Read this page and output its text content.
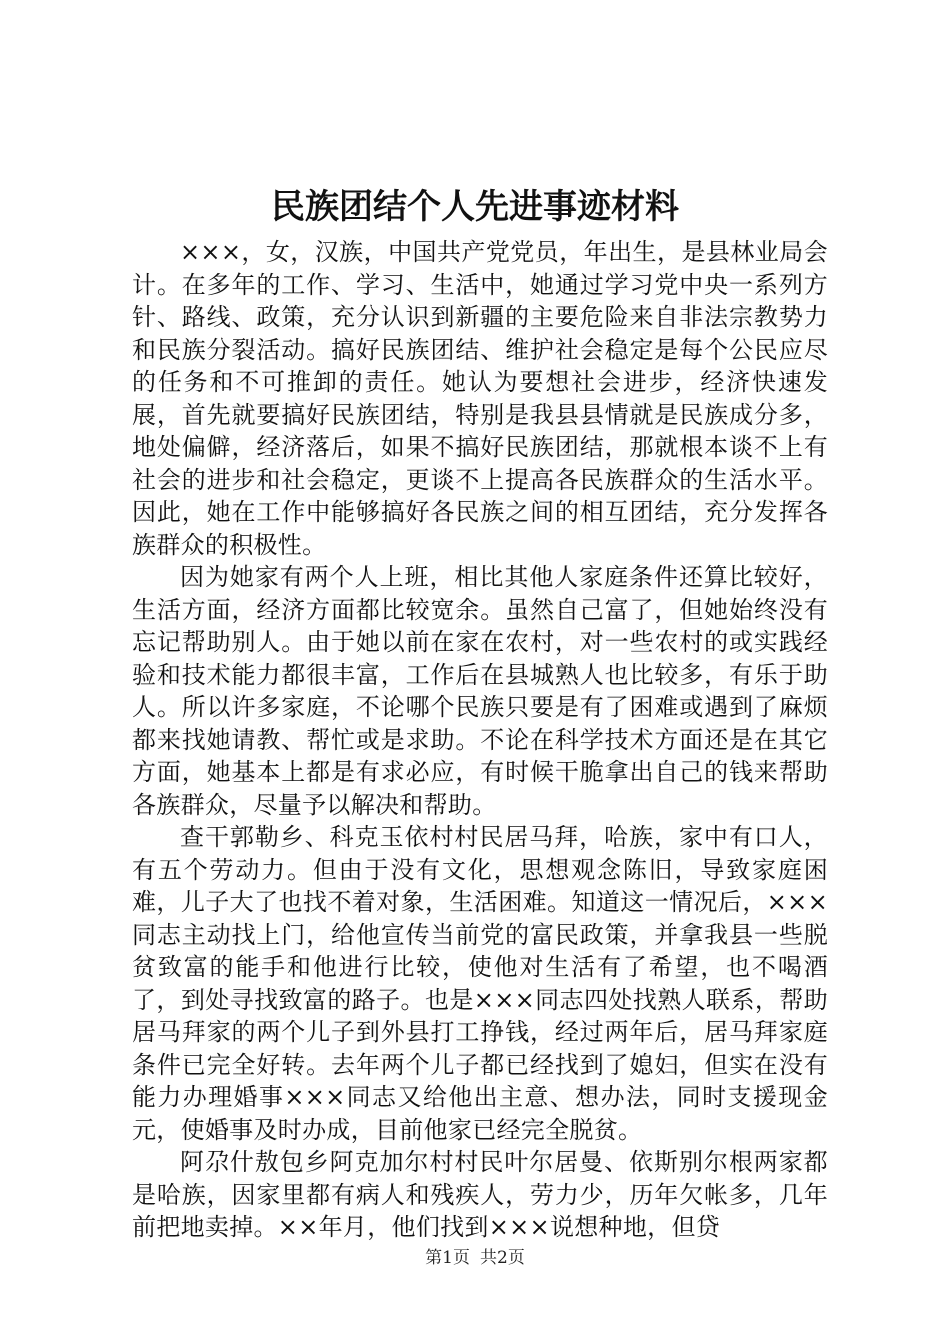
民族团结个人先进事迹材料

×××，女，汉族，中国共产党党员，年出生，是县林业局会计。在多年的工作、学习、生活中，她通过学习党中央一系列方针、路线、政策，充分认识到新疆的主要危险来自非法宗教势力和民族分裂活动。搞好民族团结、维护社会稳定是每个公民应尽的任务和不可推卸的责任。她认为要想社会进步，经济快速发展，首先就要搞好民族团结，特别是我县县情就是民族成分多，地处偏僻，经济落后，如果不搞好民族团结，那就根本谈不上有社会的进步和社会稳定，更谈不上提高各民族群众的生活水平。因此，她在工作中能够搞好各民族之间的相互团结，充分发挥各族群众的积极性。

因为她家有两个人上班，相比其他人家庭条件还算比较好，生活方面，经济方面都比较宽余。虽然自己富了，但她始终没有忘记帮助别人。由于她以前在家在农村，对一些农村的或实践经验和技术能力都很丰富，工作后在县城熟人也比较多，有乐于助人。所以许多家庭，不论哪个民族只要是有了困难或遇到了麻烦都来找她请教、帮忙或是求助。不论在科学技术方面还是在其它方面，她基本上都是有求必应，有时候干脆拿出自己的钱来帮助各族群众，尽量予以解决和帮助。

查干郭勒乡、科克玉依村村民居马拜，哈族，家中有口人，有五个劳动力。但由于没有文化，思想观念陈旧，导致家庭困难，儿子大了也找不着对象，生活困难。知道这一情况后，×××同志主动找上门，给他宣传当前党的富民政策，并拿我县一些脱贫致富的能手和他进行比较，使他对生活有了希望，也不喝酒了，到处寻找致富的路子。也是×××同志四处找熟人联系，帮助居马拜家的两个儿子到外县打工挣钱，经过两年后，居马拜家庭条件已完全好转。去年两个儿子都已经找到了媳妇，但实在没有能力办理婚事×××同志又给他出主意、想办法，同时支援现金元，使婚事及时办成，目前他家已经完全脱贫。

阿尕什敖包乡阿克加尔村村民叶尔居曼、依斯别尔根两家都是哈族，因家里都有病人和残疾人，劳力少，历年欠帐多，几年前把地卖掉。××年月，他们找到×××说想种地，但贷

第1页 共2页
